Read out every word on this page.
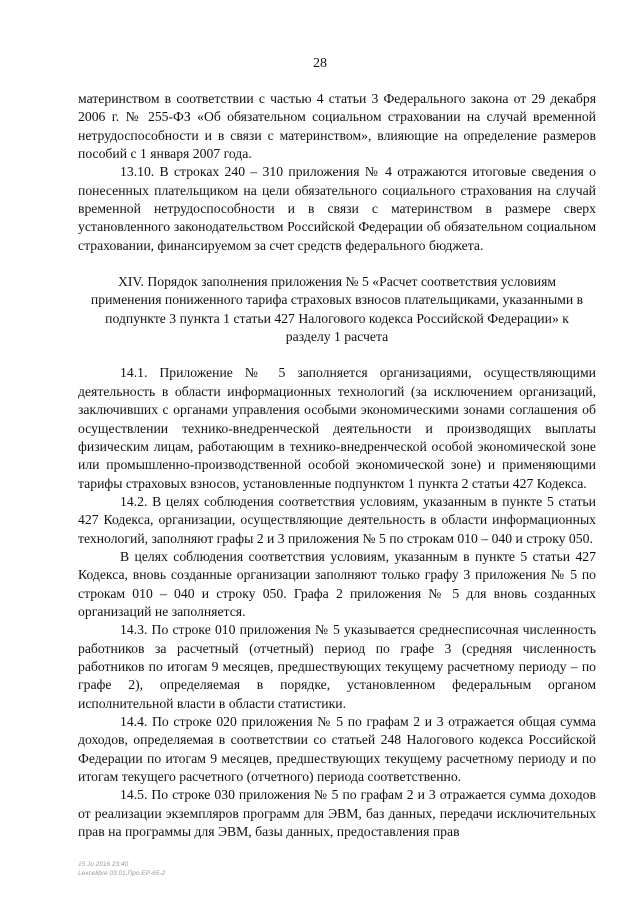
28

материнством в соответствии с частью 4 статьи 3 Федерального закона от 29 декабря 2006 г. № 255-ФЗ «Об обязательном социальном страховании на случай временной нетрудоспособности и в связи с материнством», влияющие на определение размеров пособий с 1 января 2007 года.

13.10. В строках 240 – 310 приложения № 4 отражаются итоговые сведения о понесенных плательщиком на цели обязательного социального страхования на случай временной нетрудоспособности и в связи с материнством в размере сверх установленного законодательством Российской Федерации об обязательном социальном страховании, финансируемом за счет средств федерального бюджета.

XIV. Порядок заполнения приложения № 5 «Расчет соответствия условиям применения пониженного тарифа страховых взносов плательщиками, указанными в подпункте 3 пункта 1 статьи 427 Налогового кодекса Российской Федерации» к разделу 1 расчета

14.1. Приложение № 5 заполняется организациями, осуществляющими деятельность в области информационных технологий (за исключением организаций, заключивших с органами управления особыми экономическими зонами соглашения об осуществлении технико-внедренческой деятельности и производящих выплаты физическим лицам, работающим в технико-внедренческой особой экономической зоне или промышленно-производственной особой экономической зоне) и применяющими тарифы страховых взносов, установленные подпунктом 1 пункта 2 статьи 427 Кодекса.

14.2. В целях соблюдения соответствия условиям, указанным в пункте 5 статьи 427 Кодекса, организации, осуществляющие деятельность в области информационных технологий, заполняют графы 2 и 3 приложения № 5 по строкам 010 – 040 и строку 050.

В целях соблюдения соответствия условиям, указанным в пункте 5 статьи 427 Кодекса, вновь созданные организации заполняют только графу 3 приложения № 5 по строкам 010 – 040 и строку 050. Графа 2 приложения № 5 для вновь созданных организаций не заполняется.

14.3. По строке 010 приложения № 5 указывается среднесписочная численность работников за расчетный (отчетный) период по графе 3 (средняя численность работников по итогам 9 месяцев, предшествующих текущему расчетному периоду – по графе 2), определяемая в порядке, установленном федеральным органом исполнительной власти в области статистики.

14.4. По строке 020 приложения № 5 по графам 2 и 3 отражается общая сумма доходов, определяемая в соответствии со статьей 248 Налогового кодекса Российской Федерации по итогам 9 месяцев, предшествующих текущему расчетному периоду и по итогам текущего расчетного (отчетного) периода соответственно.

14.5. По строке 030 приложения № 5 по графам 2 и 3 отражается сумма доходов от реализации экземпляров программ для ЭВМ, баз данных, передачи исключительных прав на программы для ЭВМ, базы данных, предоставления прав

15 Ju 2016 23:40
Lexcelibre 03.01.Про ЕР-65-2
